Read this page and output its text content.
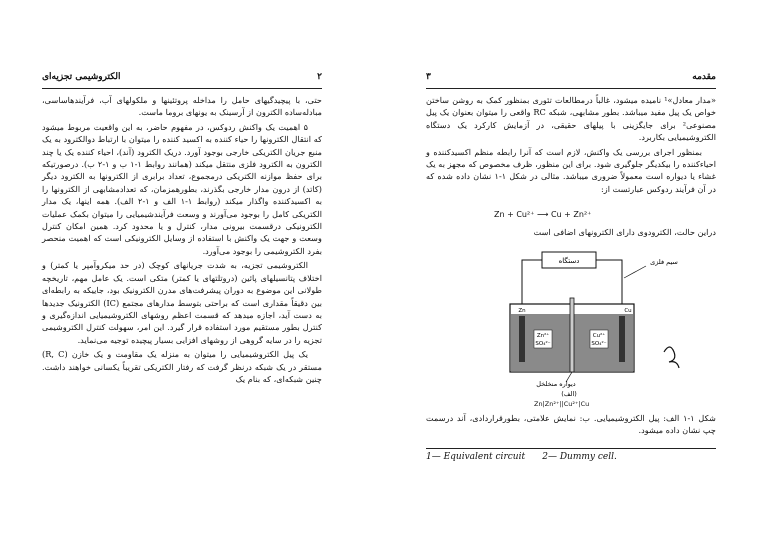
۲
الکتروشیمی تجزیه‌ای

حتی، با پیچیدگیهای حامل را مداخله پروتئینها و ملکولهای آب، فرآیندهاساسی، مبادله‌ساده الکترون از آرسینک به یونهای بروما ماست.

۵ اهمیت یک واکنش ردوکس، در مفهوم حاضر، به این واقعیت مربوط میشود که انتقال الکترونها را حیاء کننده به اکسید کننده را میتوان با ارتباط دوالکترود به یک منبع جریان الکتریکی خارجی بوجود آورد. دریک الکترود (آند)، احیاء کننده یک یا چند الکترون به الکترود فلزی منتقل میکند (همانند روابط ۱-۱ ب و ۱-۲ ب). درصورتیکه برای حفظ موازنه الکتریکی درمجموع، تعداد برابری از الکترونها به الکترود دیگر (کاتد) از درون مدار خارجی بگذرند، بطورهمزمان، که تعدادمشابهی از الکترونها را به اکسیدکننده واگذار میکند (روابط ۱-۱ الف و ۱-۲ الف). همه اینها، یک مدار الکتریکی کامل را بوجود می‌آورند و وسعت فرآیندشیمیایی را میتوان بکمک عملیات الکترونیکی درقسمت بیرونی مدار، کنترل و یا محدود کرد. همین امکان کنترل وسعت و جهت یک واکنش با استفاده از وسایل الکترونیکی است که اهمیت منحصر بفرد الکتروشیمی را بوجود می‌آورد.

الکتروشیمی تجزیه، به شدت جریانهای کوچک (در حد میکروآمپر یا کمتر) و اختلاف پتانسیلهای پائین (دروتلتهای یا کمتر) متکی است. یک عامل مهم، تاریخچه طولانی این موضوع به دوران پیشرفت‌های مدرن الکترونیک بود، جاییکه به رابطه‌ای بین دقیقاً مقداری است که براحتی بتوسط مدارهای مجتمع (IC) الکترونیک جدیدها به دست آید، اجازه میدهد که قسمت اعظم روشهای الکتروشیمیایی اندازه‌گیری و کنترل بطور مستقیم مورد استفاده قرار گیرد. این امر، سهولت کنترل الکتروشیمی تجزیه را در سایه گروهی از روشهای افزایی بسیار پیچیده توجیه می‌نماید.

یک پیل الکتروشیمیایی را میتوان به منزله یک مقاومت و یک خازن (R, C) مستقر در یک شبکه درنظر گرفت که رفتار الکتریکی تقریباً یکسانی خواهند داشت. چنین شبکه‌ای، که بنام یک

۳	مقدمه

«مدار معادل»¹ نامیده میشود، غالباً درمطالعات تئوری بمنظور کمک به روشن ساختن خواص یک پیل مفید میباشد. بطور مشابهی، شبکه RC واقعی را میتوان بعنوان یک پیل مصنوعی² برای جایگزینی با پیلهای حقیقی، در آزمایش کارکرد یک دستگاه الکتروشیمیایی بکاربرد.

بمنظور اجرای بررسی یک واکنش، لازم است که آنرا رابطه منظم اکسیدکننده و احیاءکننده را بیکدیگر جلوگیری شود. برای این منظور، ظرف مخصوص که مجهز به یک غشاء یا دیواره است معمولاً ضروری میباشد. مثالی در شکل ۱-۱ نشان داده شده که در آن فرآیند ردوکس عبارتست از:

Zn + Cu²⁺ ⟶ Cu + Zn²⁺

دراین حالت، الکترودوی دارای الکترونهای اضافی است

دستگاه	سیم فلزی
Zn²⁺
SO₄²⁻
Cu²⁺
SO₄²⁻
Zn	Cu
دیواره منخلخل
(الف)
Zn|Zn²⁺||Cu²⁺|Cu
شکل ۱-۱ الف: پیل الکتروشیمیایی. ب: نمایش علامتی، بطورقراردادی، آند درسمت چپ نشان داده میشود.
1— Equivalent circuit 2— Dummy cell.
